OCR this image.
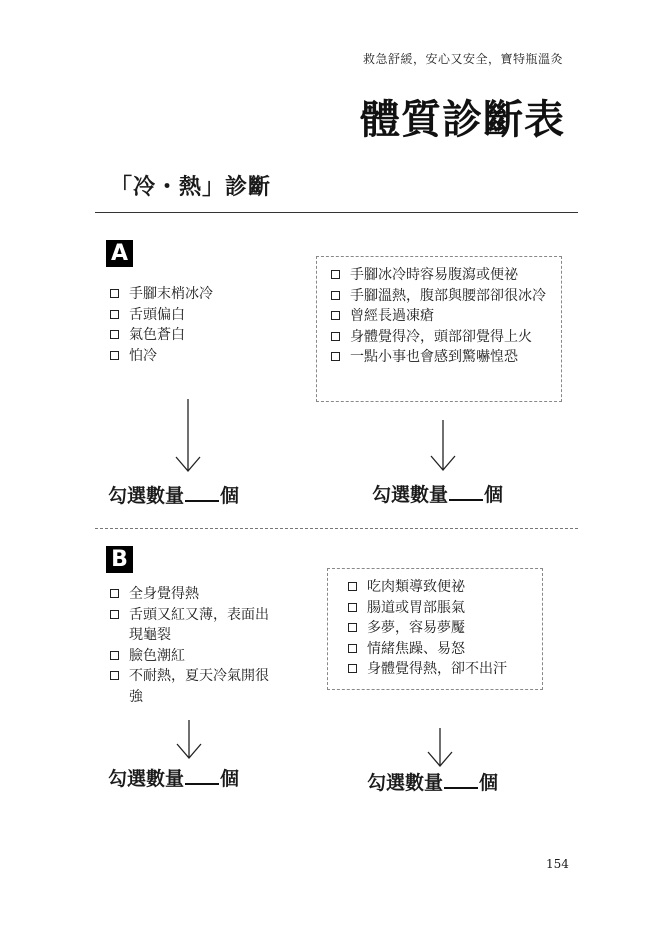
救急舒緩，安心又安全，寶特瓶溫灸
體質診斷表
「冷・熱」診斷
A
手腳末梢冰冷
舌頭偏白
氣色蒼白
怕冷
手腳冰冷時容易腹瀉或便祕
手腳溫熱，腹部與腰部卻很冰冷
曾經長過凍瘡
身體覺得冷，頭部卻覺得上火
一點小事也會感到驚嚇惶恐
勾選數量 個	勾選數量 個
B
全身覺得熱
舌頭又紅又薄，表面出現龜裂
臉色潮紅
不耐熱，夏天冷氣開很強
吃肉類導致便祕
腸道或胃部脹氣
多夢，容易夢魘
情緒焦躁、易怒
身體覺得熱，卻不出汗
勾選數量 個	勾選數量 個
154
